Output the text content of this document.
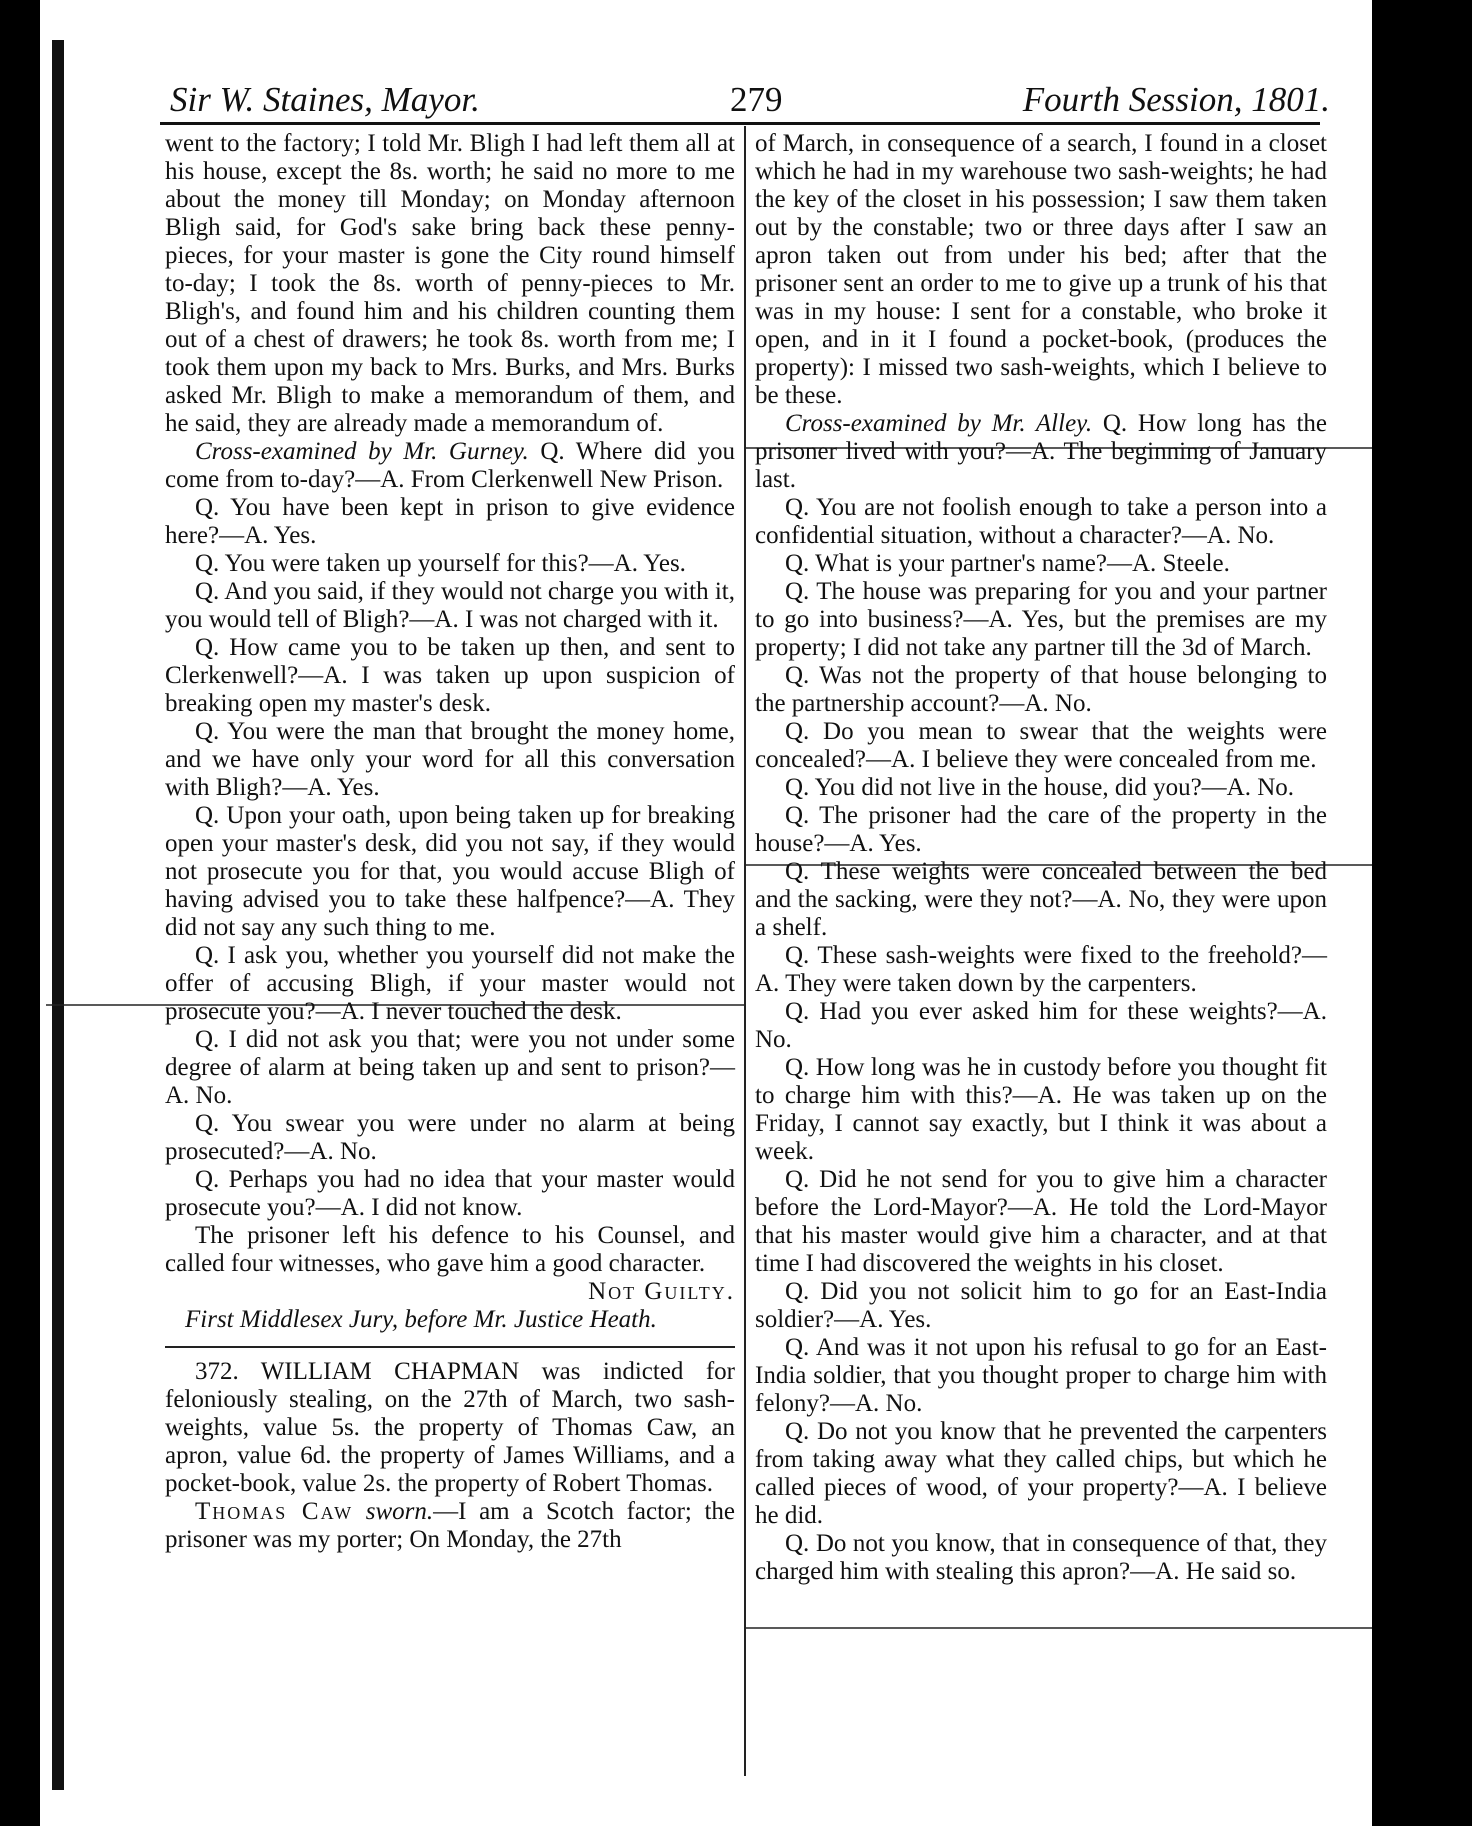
Sir W. Staines, Mayor.	279	Fourth Session, 1801.

went to the factory; I told Mr. Bligh I had left them all at his house, except the 8s. worth; he said no more to me about the money till Monday; on Monday afternoon Bligh said, for God's sake bring back these penny-pieces, for your master is gone the City round himself to-day; I took the 8s. worth of penny-pieces to Mr. Bligh's, and found him and his children counting them out of a chest of drawers; he took 8s. worth from me; I took them upon my back to Mrs. Burks, and Mrs. Burks asked Mr. Bligh to make a memorandum of them, and he said, they are already made a memorandum of.

Cross-examined by Mr. Gurney. Q. Where did you come from to-day?—A. From Clerkenwell New Prison.

Q. You have been kept in prison to give evidence here?—A. Yes.

Q. You were taken up yourself for this?—A. Yes.

Q. And you said, if they would not charge you with it, you would tell of Bligh?—A. I was not charged with it.

Q. How came you to be taken up then, and sent to Clerkenwell?—A. I was taken up upon suspicion of breaking open my master's desk.

Q. You were the man that brought the money home, and we have only your word for all this conversation with Bligh?—A. Yes.

Q. Upon your oath, upon being taken up for breaking open your master's desk, did you not say, if they would not prosecute you for that, you would accuse Bligh of having advised you to take these halfpence?—A. They did not say any such thing to me.

Q. I ask you, whether you yourself did not make the offer of accusing Bligh, if your master would not prosecute you?—A. I never touched the desk.

Q. I did not ask you that; were you not under some degree of alarm at being taken up and sent to prison?—A. No.

Q. You swear you were under no alarm at being prosecuted?—A. No.

Q. Perhaps you had no idea that your master would prosecute you?—A. I did not know.

The prisoner left his defence to his Counsel, and called four witnesses, who gave him a good character.

Not Guilty.

First Middlesex Jury, before Mr. Justice Heath.

372. WILLIAM CHAPMAN was indicted for feloniously stealing, on the 27th of March, two sash-weights, value 5s. the property of Thomas Caw, an apron, value 6d. the property of James Williams, and a pocket-book, value 2s. the property of Robert Thomas.

Thomas Caw sworn.—I am a Scotch factor; the prisoner was my porter; On Monday, the 27th

of March, in consequence of a search, I found in a closet which he had in my warehouse two sash-weights; he had the key of the closet in his possession; I saw them taken out by the constable; two or three days after I saw an apron taken out from under his bed; after that the prisoner sent an order to me to give up a trunk of his that was in my house: I sent for a constable, who broke it open, and in it I found a pocket-book, (produces the property): I missed two sash-weights, which I believe to be these.

Cross-examined by Mr. Alley. Q. How long has the prisoner lived with you?—A. The beginning of January last.

Q. You are not foolish enough to take a person into a confidential situation, without a character?—A. No.

Q. What is your partner's name?—A. Steele.

Q. The house was preparing for you and your partner to go into business?—A. Yes, but the premises are my property; I did not take any partner till the 3d of March.

Q. Was not the property of that house belonging to the partnership account?—A. No.

Q. Do you mean to swear that the weights were concealed?—A. I believe they were concealed from me.

Q. You did not live in the house, did you?—A. No.

Q. The prisoner had the care of the property in the house?—A. Yes.

Q. These weights were concealed between the bed and the sacking, were they not?—A. No, they were upon a shelf.

Q. These sash-weights were fixed to the freehold?—A. They were taken down by the carpenters.

Q. Had you ever asked him for these weights?—A. No.

Q. How long was he in custody before you thought fit to charge him with this?—A. He was taken up on the Friday, I cannot say exactly, but I think it was about a week.

Q. Did he not send for you to give him a character before the Lord-Mayor?—A. He told the Lord-Mayor that his master would give him a character, and at that time I had discovered the weights in his closet.

Q. Did you not solicit him to go for an East-India soldier?—A. Yes.

Q. And was it not upon his refusal to go for an East-India soldier, that you thought proper to charge him with felony?—A. No.

Q. Do not you know that he prevented the carpenters from taking away what they called chips, but which he called pieces of wood, of your property?—A. I believe he did.

Q. Do not you know, that in consequence of that, they charged him with stealing this apron?—A. He said so.
